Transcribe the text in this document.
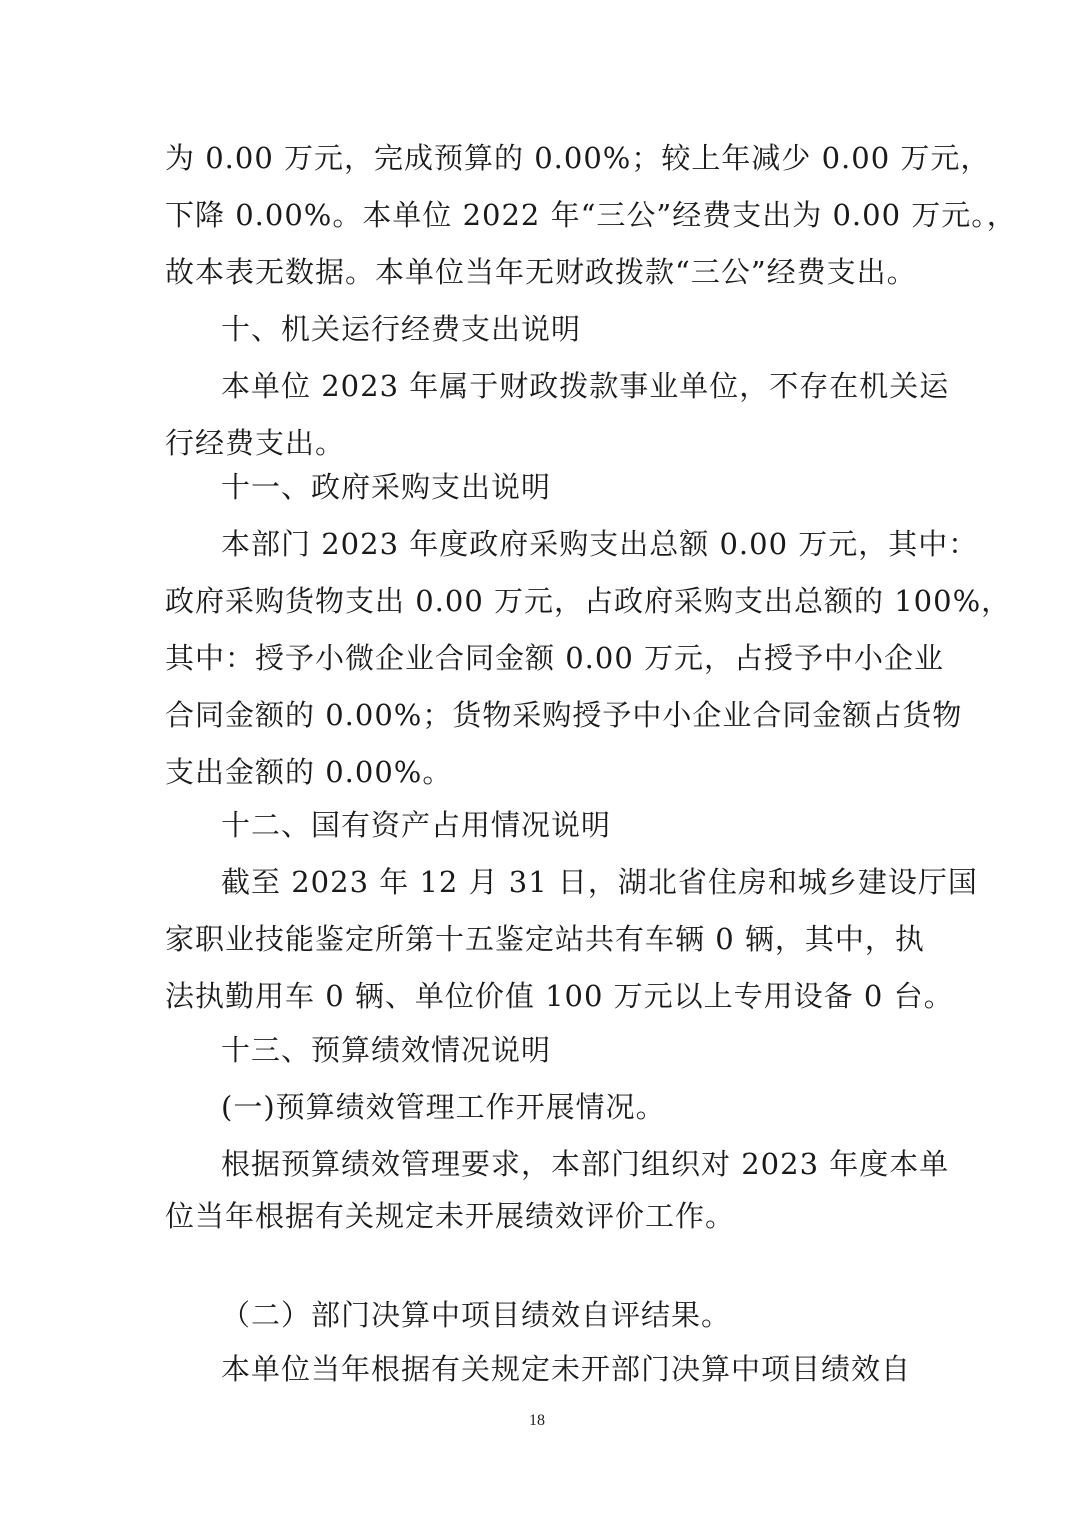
为 0.00 万元，完成预算的 0.00%；较上年减少 0.00 万元，
下降 0.00%。本单位 2022 年“三公”经费支出为 0.00 万元。，
故本表无数据。本单位当年无财政拨款“三公”经费支出。
十、机关运行经费支出说明
本单位 2023 年属于财政拨款事业单位，不存在机关运
行经费支出。
十一、政府采购支出说明
本部门 2023 年度政府采购支出总额 0.00 万元，其中：
政府采购货物支出 0.00 万元，占政府采购支出总额的 100%，
其中：授予小微企业合同金额 0.00 万元，占授予中小企业
合同金额的 0.00%；货物采购授予中小企业合同金额占货物
支出金额的 0.00%。
十二、国有资产占用情况说明
截至 2023 年 12 月 31 日，湖北省住房和城乡建设厅国
家职业技能鉴定所第十五鉴定站共有车辆 0 辆，其中，执
法执勤用车 0 辆、单位价值 100 万元以上专用设备 0 台。
十三、预算绩效情况说明
(一)预算绩效管理工作开展情况。
根据预算绩效管理要求，本部门组织对 2023 年度本单
位当年根据有关规定未开展绩效评价工作。
（二）部门决算中项目绩效自评结果。
本单位当年根据有关规定未开部门决算中项目绩效自
18
